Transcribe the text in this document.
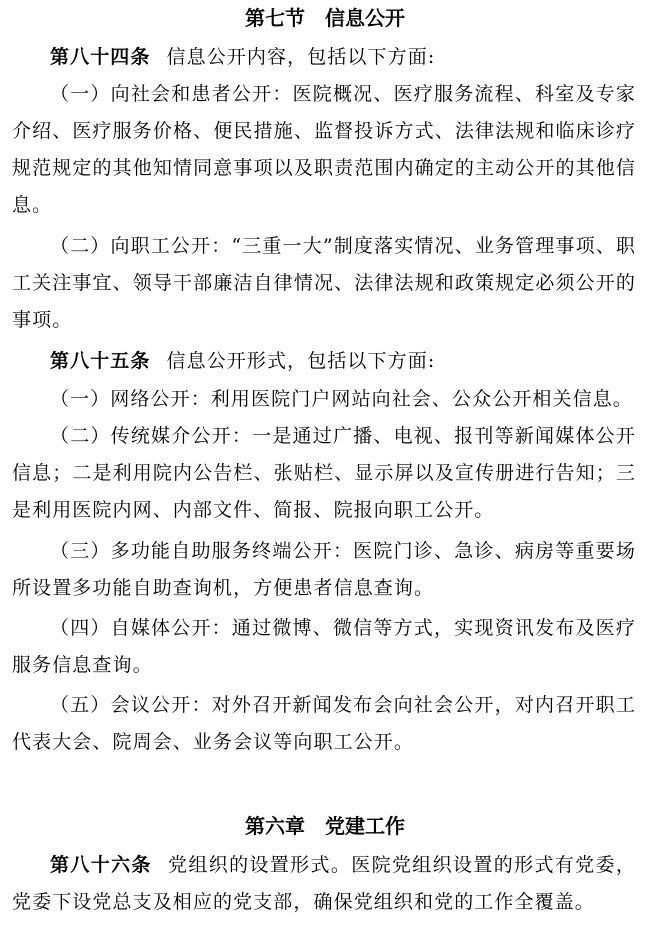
第七节　信息公开
第八十四条 信息公开内容，包括以下方面:
（一）向社会和患者公开：医院概况、医疗服务流程、科室及专家介绍、医疗服务价格、便民措施、监督投诉方式、法律法规和临床诊疗规范规定的其他知情同意事项以及职责范围内确定的主动公开的其他信息。
（二）向职工公开：“三重一大”制度落实情况、业务管理事项、职工关注事宜、领导干部廉洁自律情况、法律法规和政策规定必须公开的事项。
第八十五条 信息公开形式，包括以下方面:
（一）网络公开：利用医院门户网站向社会、公众公开相关信息。
（二）传统媒介公开：一是通过广播、电视、报刊等新闻媒体公开信息；二是利用院内公告栏、张贴栏、显示屏以及宣传册进行告知；三是利用医院内网、内部文件、简报、院报向职工公开。
（三）多功能自助服务终端公开：医院门诊、急诊、病房等重要场所设置多功能自助查询机，方便患者信息查询。
（四）自媒体公开：通过微博、微信等方式，实现资讯发布及医疗服务信息查询。
（五）会议公开：对外召开新闻发布会向社会公开，对内召开职工代表大会、院周会、业务会议等向职工公开。
第六章　党建工作
第八十六条 党组织的设置形式。医院党组织设置的形式有党委，党委下设党总支及相应的党支部，确保党组织和党的工作全覆盖。
